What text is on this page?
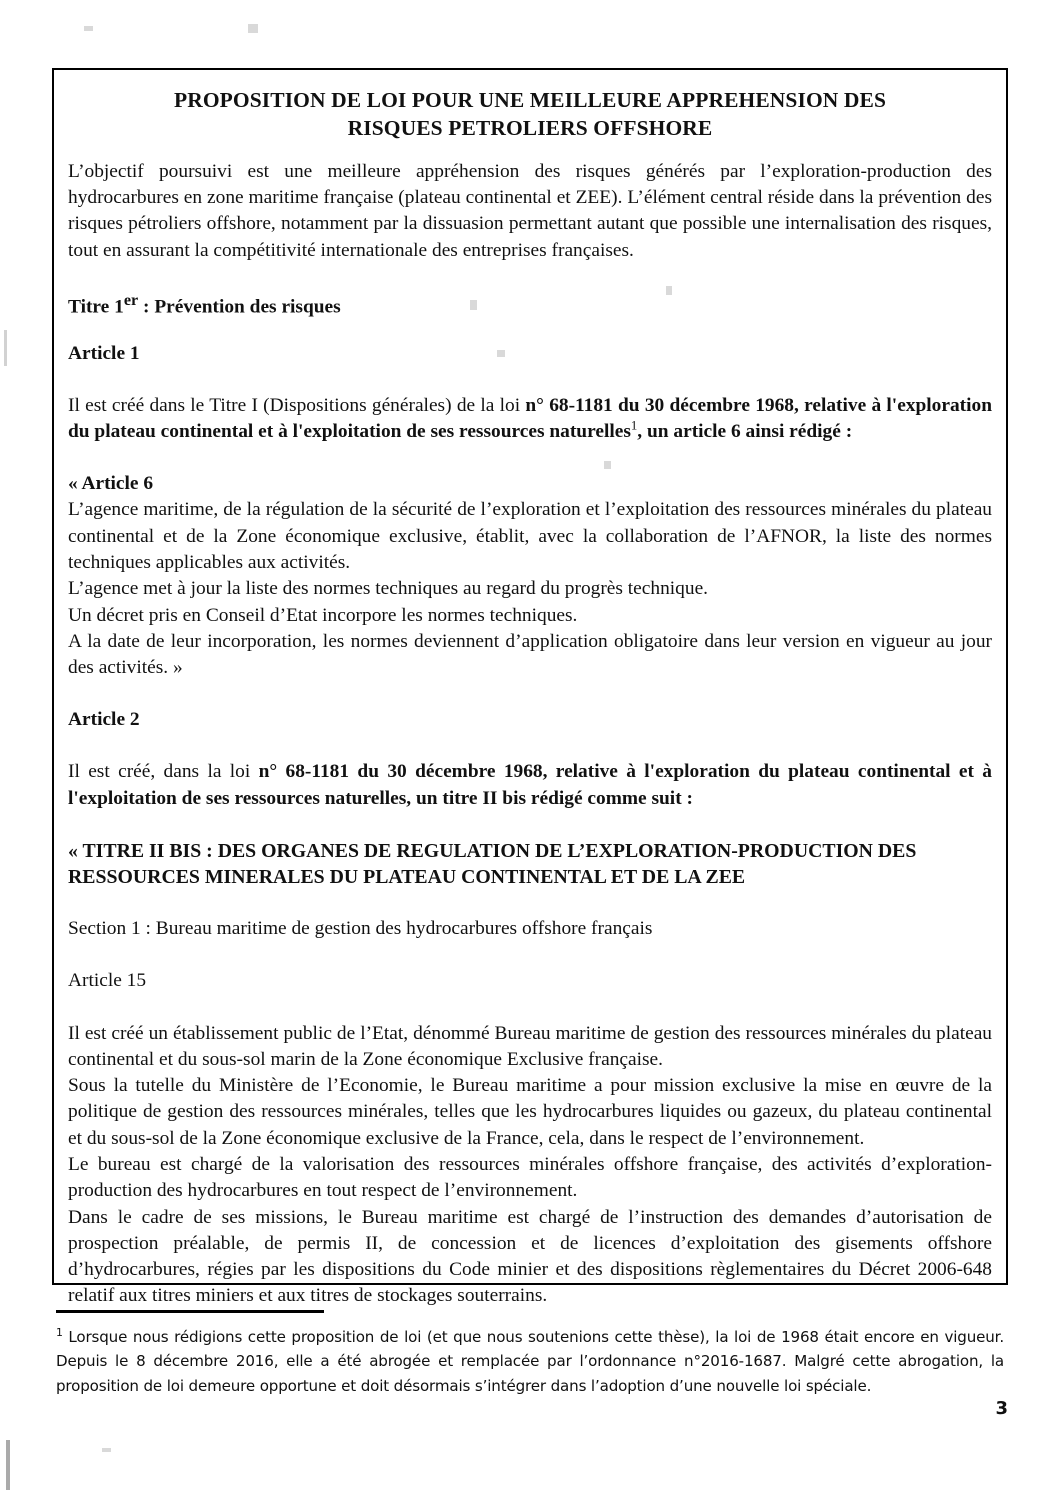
PROPOSITION DE LOI POUR UNE MEILLEURE APPREHENSION DES
RISQUES PETROLIERS OFFSHORE

L’objectif poursuivi est une meilleure appréhension des risques générés par l’exploration-production des hydrocarbures en zone maritime française (plateau continental et ZEE). L’élément central réside dans la prévention des risques pétroliers offshore, notamment par la dissuasion permettant autant que possible une internalisation des risques, tout en assurant la compétitivité internationale des entreprises françaises.

Titre 1er : Prévention des risques

Article 1

Il est créé dans le Titre I (Dispositions générales) de la loi n° 68-1181 du 30 décembre 1968, relative à l'exploration du plateau continental et à l'exploitation de ses ressources naturelles$^1$, un article 6 ainsi rédigé :

« Article 6

L’agence maritime, de la régulation de la sécurité de l’exploration et l’exploitation des ressources minérales du plateau continental et de la Zone économique exclusive, établit, avec la collaboration de l’AFNOR, la liste des normes techniques applicables aux activités.

L’agence met à jour la liste des normes techniques au regard du progrès technique.

Un décret pris en Conseil d’Etat incorpore les normes techniques.

A la date de leur incorporation, les normes deviennent d’application obligatoire dans leur version en vigueur au jour des activités. »

Article 2

Il est créé, dans la loi n° 68-1181 du 30 décembre 1968, relative à l'exploration du plateau continental et à l'exploitation de ses ressources naturelles, un titre II bis rédigé comme suit :

« TITRE II BIS : DES ORGANES DE REGULATION DE L’EXPLORATION-PRODUCTION DES
RESSOURCES MINERALES DU PLATEAU CONTINENTAL ET DE LA ZEE

Section 1 : Bureau maritime de gestion des hydrocarbures offshore français

Article 15

Il est créé un établissement public de l’Etat, dénommé Bureau maritime de gestion des ressources minérales du plateau continental et du sous-sol marin de la Zone économique Exclusive française.

Sous la tutelle du Ministère de l’Economie, le Bureau maritime a pour mission exclusive la mise en œuvre de la politique de gestion des ressources minérales, telles que les hydrocarbures liquides ou gazeux, du plateau continental et du sous-sol de la Zone économique exclusive de la France, cela, dans le respect de l’environnement.

Le bureau est chargé de la valorisation des ressources minérales offshore française, des activités d’exploration-production des hydrocarbures en tout respect de l’environnement.

Dans le cadre de ses missions, le Bureau maritime est chargé de l’instruction des demandes d’autorisation de prospection préalable, de permis II, de concession et de licences d’exploitation des gisements offshore d’hydrocarbures, régies par les dispositions du Code minier et des dispositions règlementaires du Décret 2006-648 relatif aux titres miniers et aux titres de stockages souterrains.

$^1$ Lorsque nous rédigions cette proposition de loi (et que nous soutenions cette thèse), la loi de 1968 était encore en vigueur. Depuis le 8 décembre 2016, elle a été abrogée et remplacée par l’ordonnance n°2016-1687. Malgré cette abrogation, la proposition de loi demeure opportune et doit désormais s’intégrer dans l’adoption d’une nouvelle loi spéciale.

3
